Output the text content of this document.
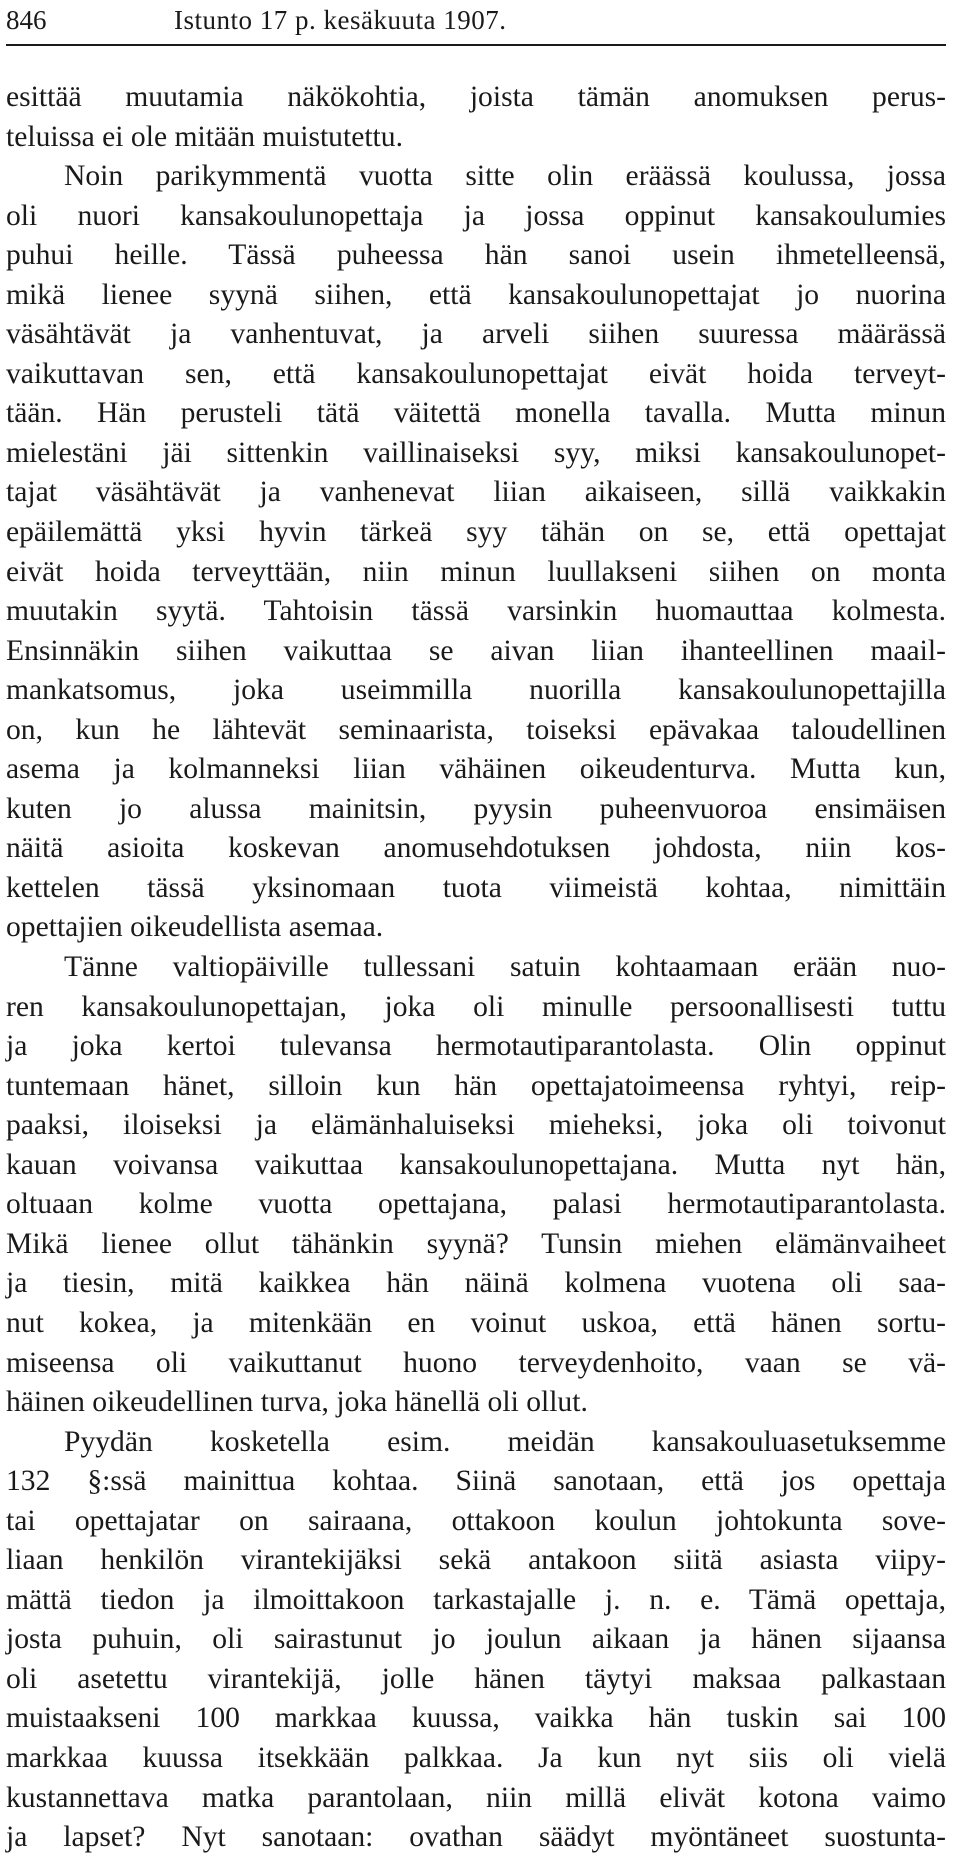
846	Istunto 17 p. kesäkuuta 1907.
esittää muutamia näkökohtia, joista tämän anomuksen perus-
teluissa ei ole mitään muistutettu.
Noin parikymmentä vuotta sitte olin eräässä koulussa, jossa
oli nuori kansakoulunopettaja ja jossa oppinut kansakoulumies
puhui heille. Tässä puheessa hän sanoi usein ihmetelleensä,
mikä lienee syynä siihen, että kansakoulunopettajat jo nuorina
väsähtävät ja vanhentuvat, ja arveli siihen suuressa määrässä
vaikuttavan sen, että kansakoulunopettajat eivät hoida terveyt-
tään. Hän perusteli tätä väitettä monella tavalla. Mutta minun
mielestäni jäi sittenkin vaillinaiseksi syy, miksi kansakoulunopet-
tajat väsähtävät ja vanhenevat liian aikaiseen, sillä vaikkakin
epäilemättä yksi hyvin tärkeä syy tähän on se, että opettajat
eivät hoida terveyttään, niin minun luullakseni siihen on monta
muutakin syytä. Tahtoisin tässä varsinkin huomauttaa kolmesta.
Ensinnäkin siihen vaikuttaa se aivan liian ihanteellinen maail-
mankatsomus, joka useimmilla nuorilla kansakoulunopettajilla
on, kun he lähtevät seminaarista, toiseksi epävakaa taloudellinen
asema ja kolmanneksi liian vähäinen oikeudenturva. Mutta kun,
kuten jo alussa mainitsin, pyysin puheenvuoroa ensimäisen
näitä asioita koskevan anomusehdotuksen johdosta, niin kos-
kettelen tässä yksinomaan tuota viimeistä kohtaa, nimittäin
opettajien oikeudellista asemaa.
Tänne valtiopäiville tullessani satuin kohtaamaan erään nuo-
ren kansakoulunopettajan, joka oli minulle persoonallisesti tuttu
ja joka kertoi tulevansa hermotautiparantolasta. Olin oppinut
tuntemaan hänet, silloin kun hän opettajatoimeensa ryhtyi, reip-
paaksi, iloiseksi ja elämänhaluiseksi mieheksi, joka oli toivonut
kauan voivansa vaikuttaa kansakoulunopettajana. Mutta nyt hän,
oltuaan kolme vuotta opettajana, palasi hermotautiparantolasta.
Mikä lienee ollut tähänkin syynä? Tunsin miehen elämänvaiheet
ja tiesin, mitä kaikkea hän näinä kolmena vuotena oli saa-
nut kokea, ja mitenkään en voinut uskoa, että hänen sortu-
miseensa oli vaikuttanut huono terveydenhoito, vaan se vä-
häinen oikeudellinen turva, joka hänellä oli ollut.
Pyydän kosketella esim. meidän kansakouluasetuksemme
132 §:ssä mainittua kohtaa. Siinä sanotaan, että jos opettaja
tai opettajatar on sairaana, ottakoon koulun johtokunta sove-
liaan henkilön virantekijäksi sekä antakoon siitä asiasta viipy-
mättä tiedon ja ilmoittakoon tarkastajalle j. n. e. Tämä opettaja,
josta puhuin, oli sairastunut jo joulun aikaan ja hänen sijaansa
oli asetettu virantekijä, jolle hänen täytyi maksaa palkastaan
muistaakseni 100 markkaa kuussa, vaikka hän tuskin sai 100
markkaa kuussa itsekkään palkkaa. Ja kun nyt siis oli vielä
kustannettava matka parantolaan, niin millä elivät kotona vaimo
ja lapset? Nyt sanotaan: ovathan säädyt myöntäneet suostunta-
